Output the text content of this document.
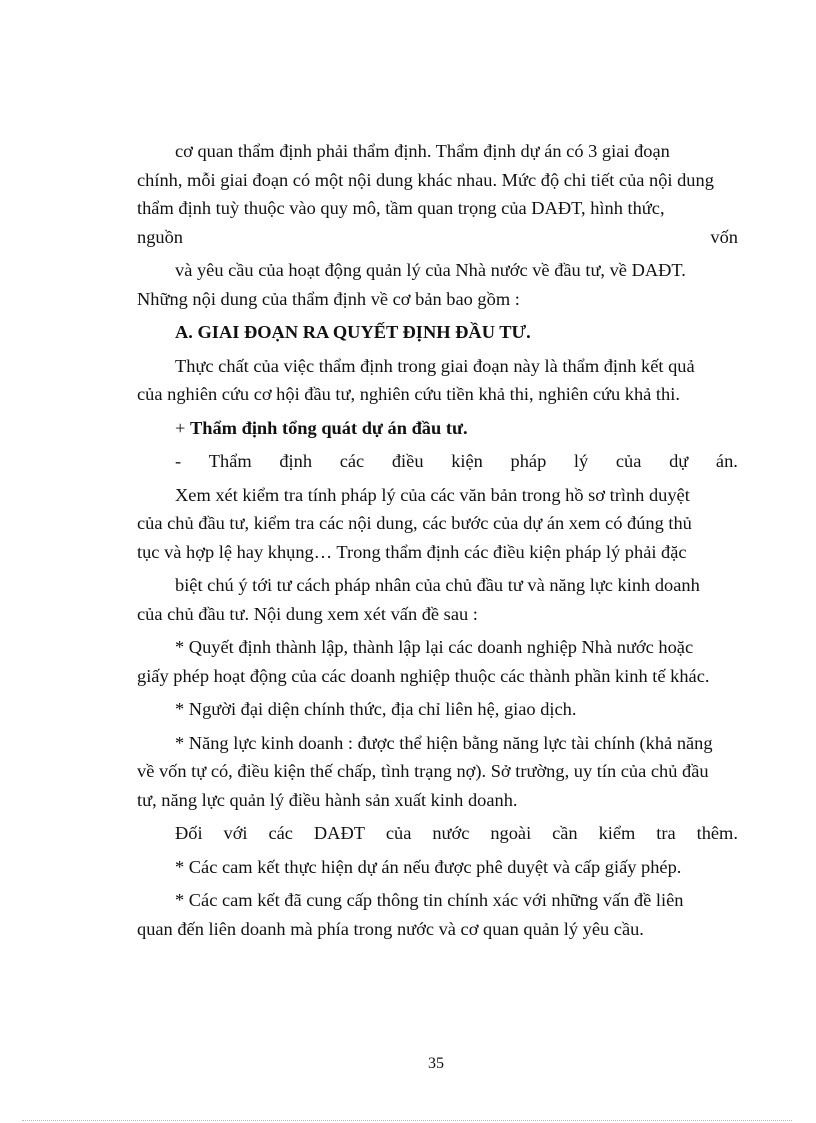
cơ quan thẩm định phải thẩm định. Thẩm định dự án có 3 giai đoạn
chính, mỗi giai đoạn có một nội dung khác nhau. Mức độ chi tiết của nội dung
thẩm định tuỳ thuộc vào quy mô, tầm quan trọng của DAĐT, hình thức,
nguồn	vốn
và yêu cầu của hoạt động quản lý của Nhà nước về đầu tư, về DAĐT.
Những nội dung của thẩm định về cơ bản bao gồm :
A. GIAI ĐOẠN RA QUYẾT ĐỊNH ĐẦU TƯ.
Thực chất của việc thẩm định trong giai đoạn này là thẩm định kết quả
của nghiên cứu cơ hội đầu tư, nghiên cứu tiền khả thi, nghiên cứu khả thi.
+ Thẩm định tổng quát dự án đầu tư.
- Thẩm định các điều kiện pháp lý của dự án.
Xem xét kiểm tra tính pháp lý của các văn bản trong hồ sơ trình duyệt
của chủ đầu tư, kiểm tra các nội dung, các bước của dự án xem có đúng thủ
tục và hợp lệ hay khụng… Trong thẩm định các điều kiện pháp lý phải đặc
biệt chú ý tới tư cách pháp nhân của chủ đầu tư và năng lực kinh doanh
của chủ đầu tư. Nội dung xem xét vấn đề sau :
* Quyết định thành lập, thành lập lại các doanh nghiệp Nhà nước hoặc
giấy phép hoạt động của các doanh nghiệp thuộc các thành phần kinh tế khác.
* Người đại diện chính thức, địa chỉ liên hệ, giao dịch.
* Năng lực kinh doanh : được thể hiện bằng năng lực tài chính (khả năng
về vốn tự có, điều kiện thế chấp, tình trạng nợ). Sở trường, uy tín của chủ đầu
tư, năng lực quản lý điều hành sản xuất kinh doanh.
Đối với các DAĐT của nước ngoài cần kiểm tra thêm.
* Các cam kết thực hiện dự án nếu được phê duyệt và cấp giấy phép.
* Các cam kết đã cung cấp thông tin chính xác với những vấn đề liên
quan đến liên doanh mà phía trong nước và cơ quan quản lý yêu cầu.
35
